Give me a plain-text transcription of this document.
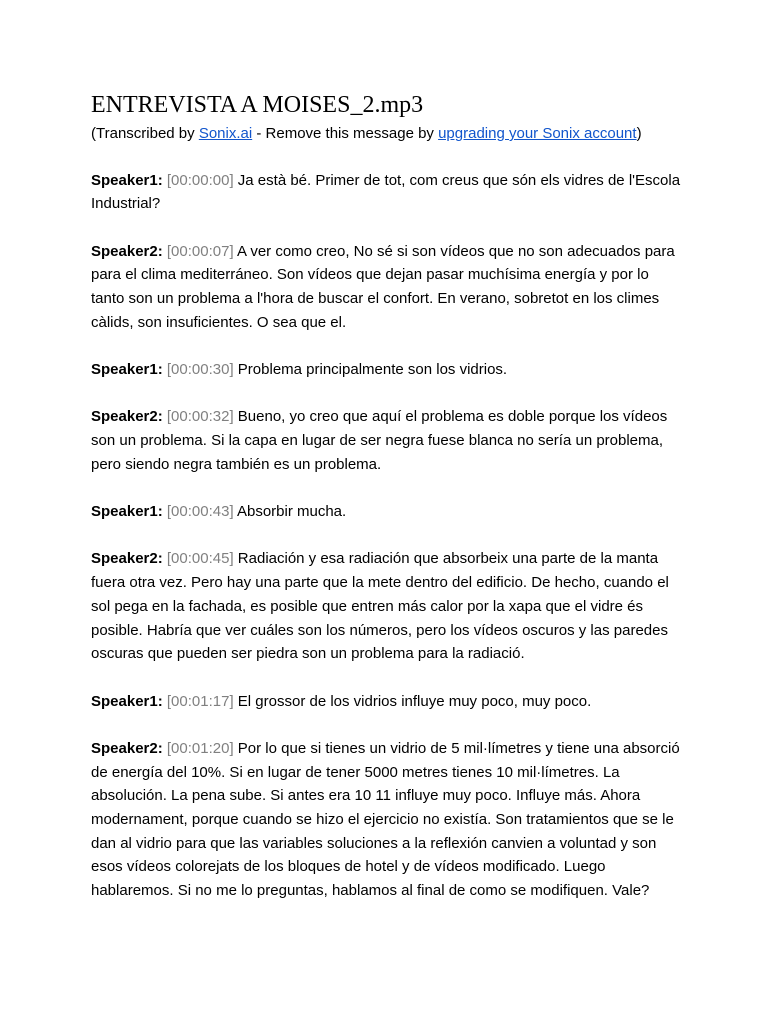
ENTREVISTA A MOISES_2.mp3

(Transcribed by Sonix.ai - Remove this message by upgrading your Sonix account)

Speaker1: [00:00:00] Ja està bé. Primer de tot, com creus que són els vidres de l'Escola Industrial?

Speaker2: [00:00:07] A ver como creo, No sé si son vídeos que no son adecuados para para el clima mediterráneo. Son vídeos que dejan pasar muchísima energía y por lo tanto son un problema a l'hora de buscar el confort. En verano, sobretot en los climes càlids, son insuficientes. O sea que el.

Speaker1: [00:00:30] Problema principalmente son los vidrios.

Speaker2: [00:00:32] Bueno, yo creo que aquí el problema es doble porque los vídeos son un problema. Si la capa en lugar de ser negra fuese blanca no sería un problema, pero siendo negra también es un problema.

Speaker1: [00:00:43] Absorbir mucha.

Speaker2: [00:00:45] Radiación y esa radiación que absorbeix una parte de la manta fuera otra vez. Pero hay una parte que la mete dentro del edificio. De hecho, cuando el sol pega en la fachada, es posible que entren más calor por la xapa que el vidre és posible. Habría que ver cuáles son los números, pero los vídeos oscuros y las paredes oscuras que pueden ser piedra son un problema para la radiació.

Speaker1: [00:01:17] El grossor de los vidrios influye muy poco, muy poco.

Speaker2: [00:01:20] Por lo que si tienes un vidrio de 5 mil·límetres y tiene una absorció de energía del 10%. Si en lugar de tener 5000 metres tienes 10 mil·límetres. La absolución. La pena sube. Si antes era 10 11 influye muy poco. Influye más. Ahora modernament, porque cuando se hizo el ejercicio no existía. Son tratamientos que se le dan al vidrio para que las variables soluciones a la reflexión canvien a voluntad y son esos vídeos colorejats de los bloques de hotel y de vídeos modificado. Luego hablaremos. Si no me lo preguntas, hablamos al final de como se modifiquen. Vale?
